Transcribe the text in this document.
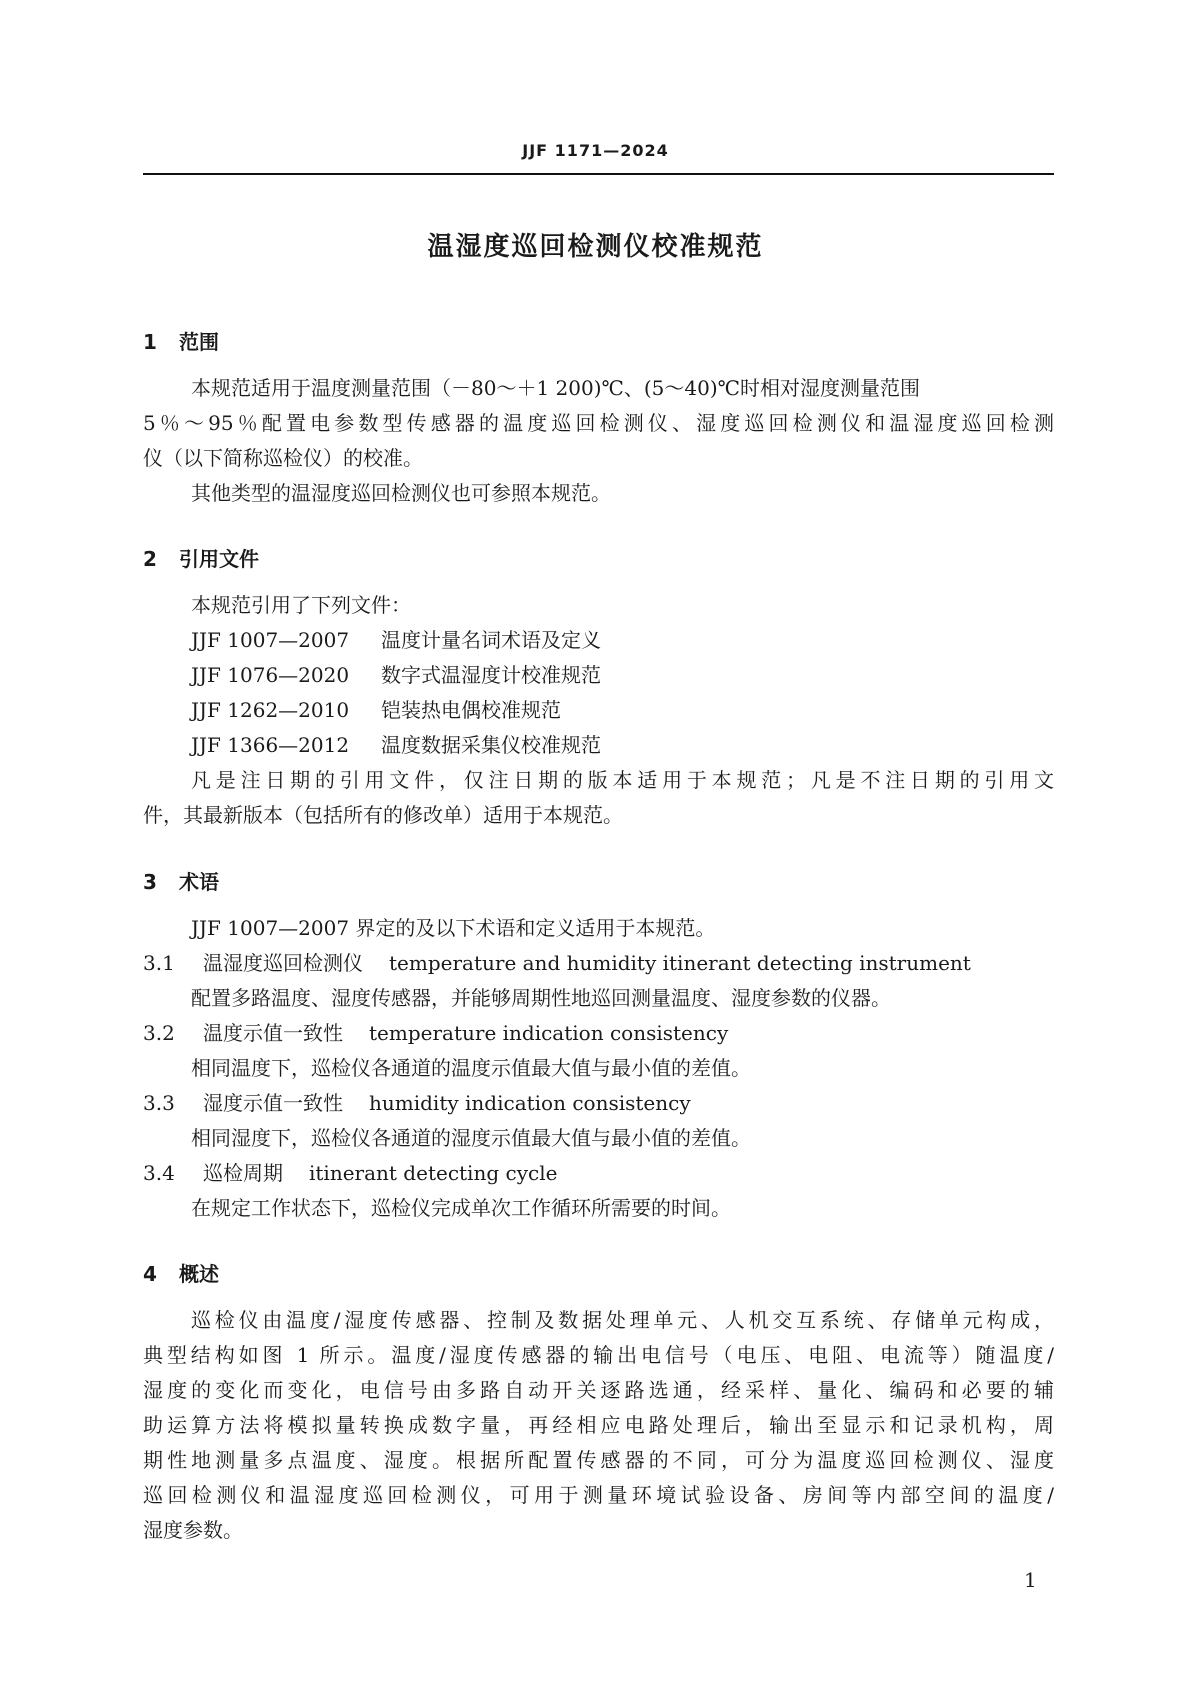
JJF 1171—2024
温湿度巡回检测仪校准规范
1 范围
本规范适用于温度测量范围（－80～＋1 200)℃、(5～40)℃时相对湿度测量范围
5％～95％配置电参数型传感器的温度巡回检测仪、湿度巡回检测仪和温湿度巡回检测
仪（以下简称巡检仪）的校准。
其他类型的温湿度巡回检测仪也可参照本规范。
2 引用文件
本规范引用了下列文件：
JJF 1007—2007 温度计量名词术语及定义
JJF 1076—2020 数字式温湿度计校准规范
JJF 1262—2010 铠装热电偶校准规范
JJF 1366—2012 温度数据采集仪校准规范
凡是注日期的引用文件，仅注日期的版本适用于本规范；凡是不注日期的引用文
件，其最新版本（包括所有的修改单）适用于本规范。
3 术语
JJF 1007—2007 界定的及以下术语和定义适用于本规范。
3.1 温湿度巡回检测仪 temperature and humidity itinerant detecting instrument
配置多路温度、湿度传感器，并能够周期性地巡回测量温度、湿度参数的仪器。
3.2 温度示值一致性 temperature indication consistency
相同温度下，巡检仪各通道的温度示值最大值与最小值的差值。
3.3 湿度示值一致性 humidity indication consistency
相同湿度下，巡检仪各通道的湿度示值最大值与最小值的差值。
3.4 巡检周期 itinerant detecting cycle
在规定工作状态下，巡检仪完成单次工作循环所需要的时间。
4 概述
巡检仪由温度/湿度传感器、控制及数据处理单元、人机交互系统、存储单元构成，
典型结构如图 1 所示。温度/湿度传感器的输出电信号（电压、电阻、电流等）随温度/
湿度的变化而变化，电信号由多路自动开关逐路选通，经采样、量化、编码和必要的辅
助运算方法将模拟量转换成数字量，再经相应电路处理后，输出至显示和记录机构，周
期性地测量多点温度、湿度。根据所配置传感器的不同，可分为温度巡回检测仪、湿度
巡回检测仪和温湿度巡回检测仪，可用于测量环境试验设备、房间等内部空间的温度/
湿度参数。
1
